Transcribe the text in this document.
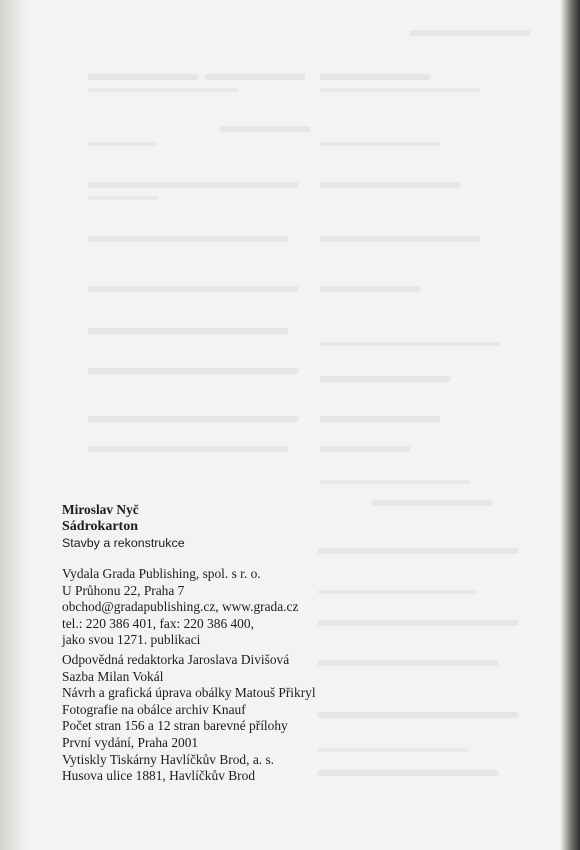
Miroslav Nyč
Sádrokarton
Stavby a rekonstrukce
Vydala Grada Publishing, spol. s r. o.
U Průhonu 22, Praha 7
obchod@gradapublishing.cz, www.grada.cz
tel.: 220 386 401, fax: 220 386 400,
jako svou 1271. publikaci
Odpovědná redaktorka Jaroslava Divišová
Sazba Milan Vokál
Návrh a grafická úprava obálky Matouš Přikryl
Fotografie na obálce archiv Knauf
Počet stran 156 a 12 stran barevné přílohy
První vydání, Praha 2001
Vytiskly Tiskárny Havlíčkův Brod, a. s.
Husova ulice 1881, Havlíčkův Brod
